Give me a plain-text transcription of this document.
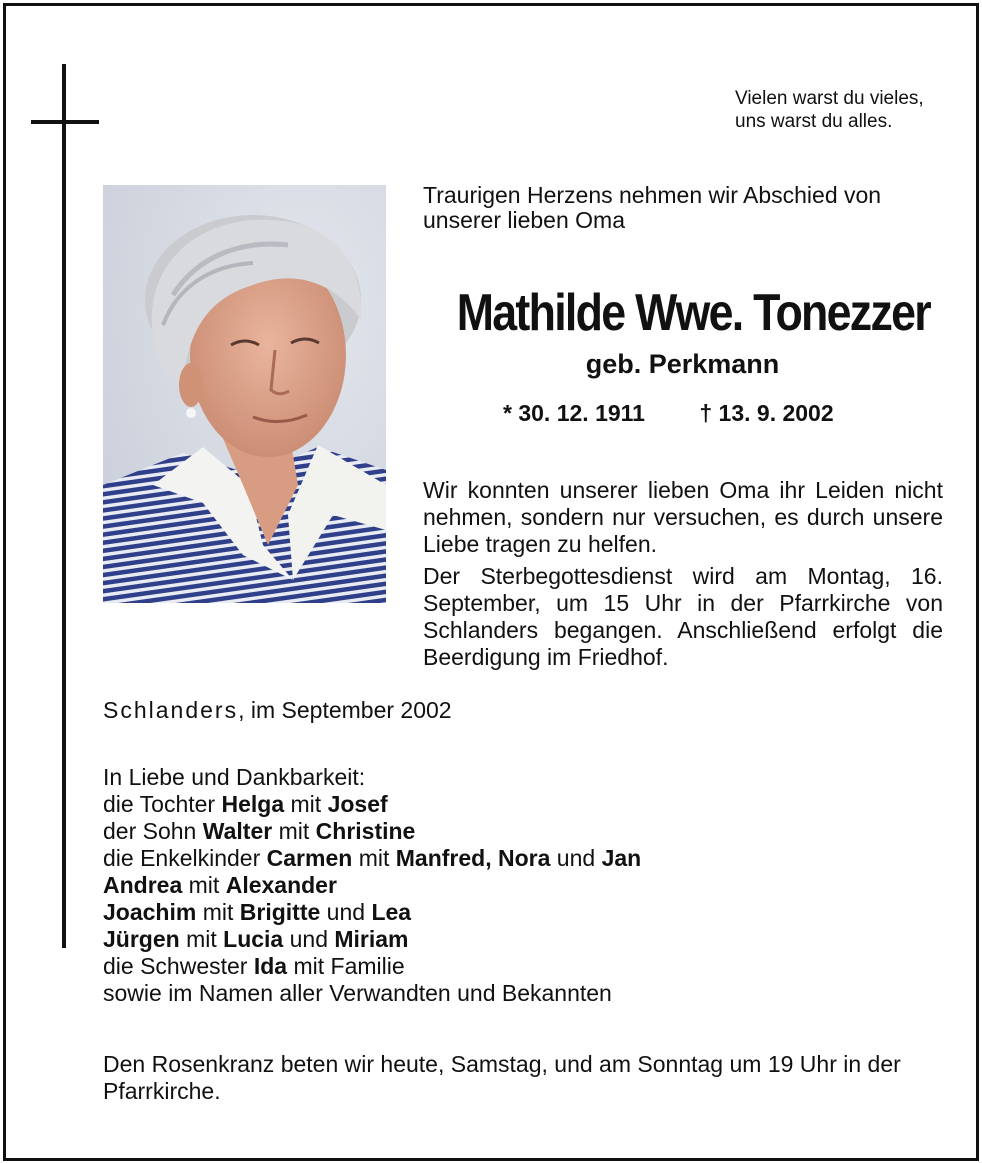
Vielen warst du vieles,
uns warst du alles.
Traurigen Herzens nehmen wir Abschied von unserer lieben Oma
Mathilde Wwe. Tonezzer
geb. Perkmann
* 30. 12. 1911 † 13. 9. 2002
Wir konnten unserer lieben Oma ihr Leiden nicht nehmen, sondern nur versuchen, es durch unsere Liebe tragen zu helfen.
Der Sterbegottesdienst wird am Montag, 16. September, um 15 Uhr in der Pfarrkirche von Schlanders begangen. Anschließend erfolgt die Beerdigung im Friedhof.
Schlanders, im September 2002
In Liebe und Dankbarkeit:
die Tochter Helga mit Josef
der Sohn Walter mit Christine
die Enkelkinder Carmen mit Manfred, Nora und Jan
Andrea mit Alexander
Joachim mit Brigitte und Lea
Jürgen mit Lucia und Miriam
die Schwester Ida mit Familie
sowie im Namen aller Verwandten und Bekannten
Den Rosenkranz beten wir heute, Samstag, und am Sonntag um 19 Uhr in der Pfarrkirche.
